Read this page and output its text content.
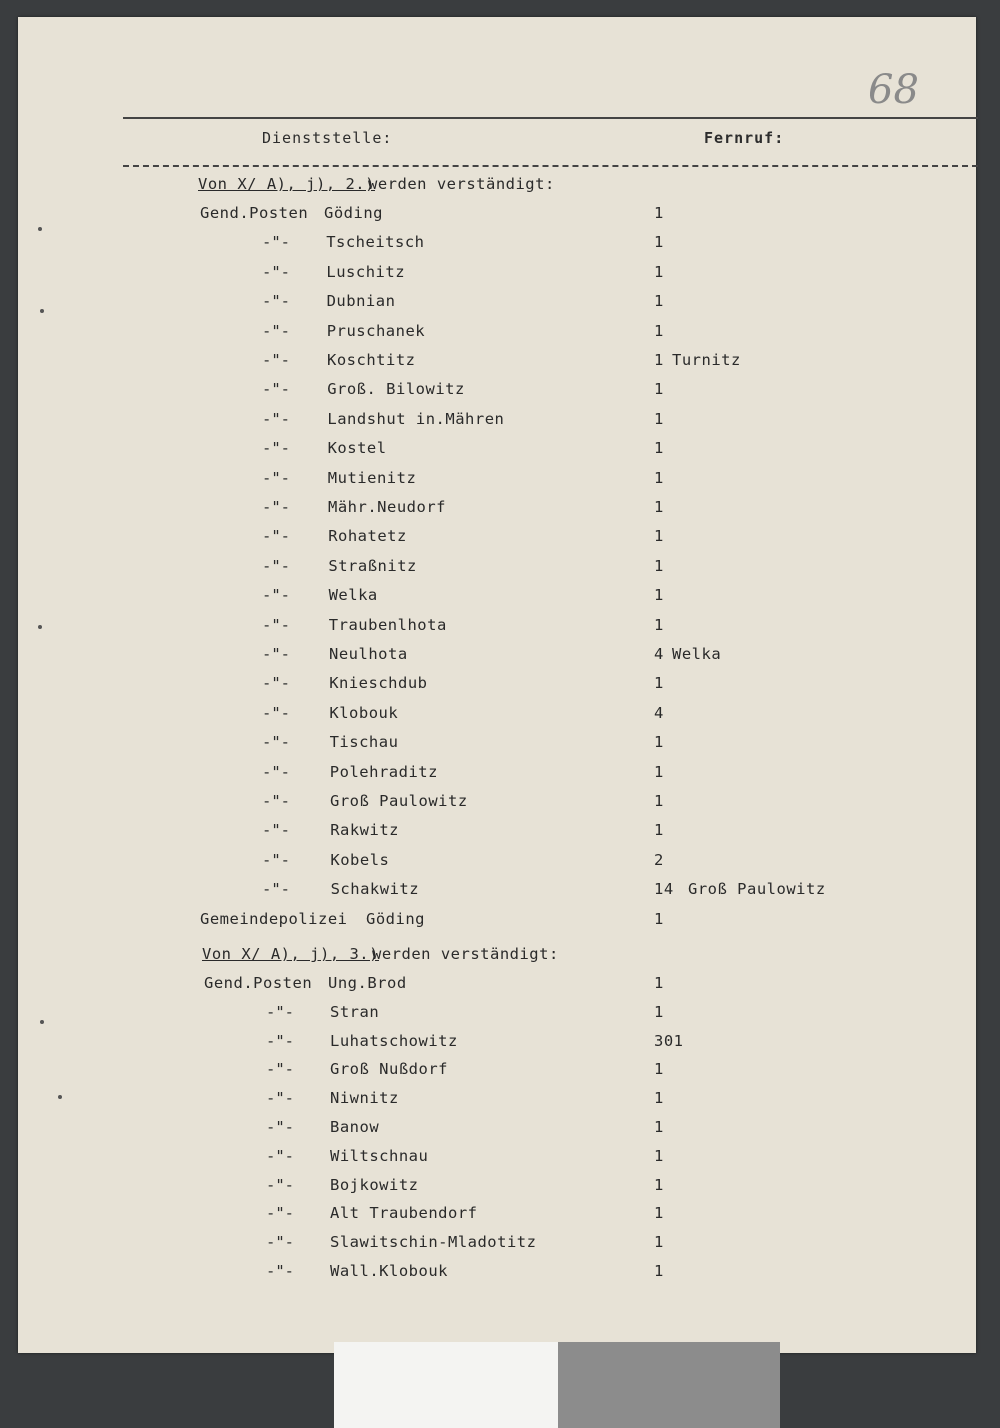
68
Dienststelle:	Fernruf:
Von X/ A), j), 2.)
werden verständigt:
Gend.Posten Göding	1
-"- Tscheitsch	1
-"- Luschitz	1
-"- Dubnian	1
-"- Pruschanek	1
-"- Koschtitz	1 Turnitz
-"- Groß. Bilowitz	1
-"- Landshut in.Mähren	1
-"- Kostel	1
-"- Mutienitz	1
-"- Mähr.Neudorf	1
-"- Rohatetz	1
-"- Straßnitz	1
-"- Welka	1
-"-	Traubenlhota	1
-"-	Neulhota	4 Welka
-"-	Knieschdub	1
-"-	Klobouk	4
-"-	Tischau	1
-"-	Polehraditz	1
-"-	Groß Paulowitz	1
-"-	Rakwitz	1
-"-	Kobels	2
-"-	Schakwitz	14 Groß Paulowitz
Gemeindepolizei Göding	1
Von X/ A), j), 3.)
werden verständigt:
Gend.Posten Ung.Brod	1
-"- Stran	1
-"- Luhatschowitz	301
-"- Groß Nußdorf	1
-"- Niwnitz	1
-"- Banow	1
-"- Wiltschnau	1
-"- Bojkowitz	1
-"- Alt Traubendorf	1
-"- Slawitschin-Mladotitz	1
-"- Wall.Klobouk	1
